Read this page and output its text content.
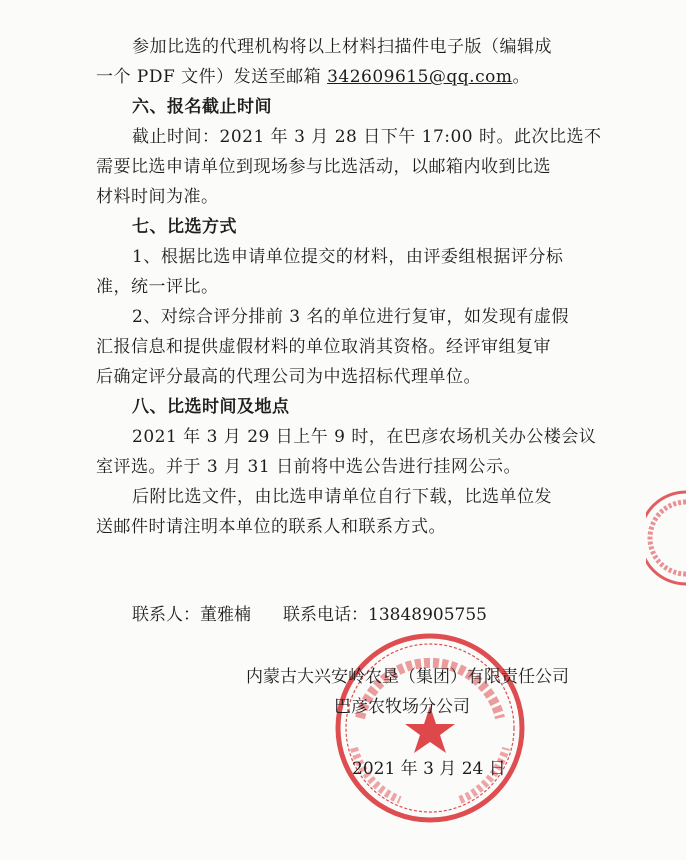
参加比选的代理机构将以上材料扫描件电子版（编辑成
一个 PDF 文件）发送至邮箱 342609615@qq.com。
六、报名截止时间
截止时间：2021 年 3 月 28 日下午 17:00 时。此次比选不
需要比选申请单位到现场参与比选活动，以邮箱内收到比选
材料时间为准。
七、比选方式
1、根据比选申请单位提交的材料，由评委组根据评分标
准，统一评比。
2、对综合评分排前 3 名的单位进行复审，如发现有虚假
汇报信息和提供虚假材料的单位取消其资格。经评审组复审
后确定评分最高的代理公司为中选招标代理单位。
八、比选时间及地点
2021 年 3 月 29 日上午 9 时，在巴彦农场机关办公楼会议
室评选。并于 3 月 31 日前将中选公告进行挂网公示。
后附比选文件，由比选申请单位自行下载，比选单位发
送邮件时请注明本单位的联系人和联系方式。
联系人：董雅楠 联系电话：13848905755
内蒙古大兴安岭农垦（集团）有限责任公司
巴彦农牧场分公司
2021 年 3 月 24 日
